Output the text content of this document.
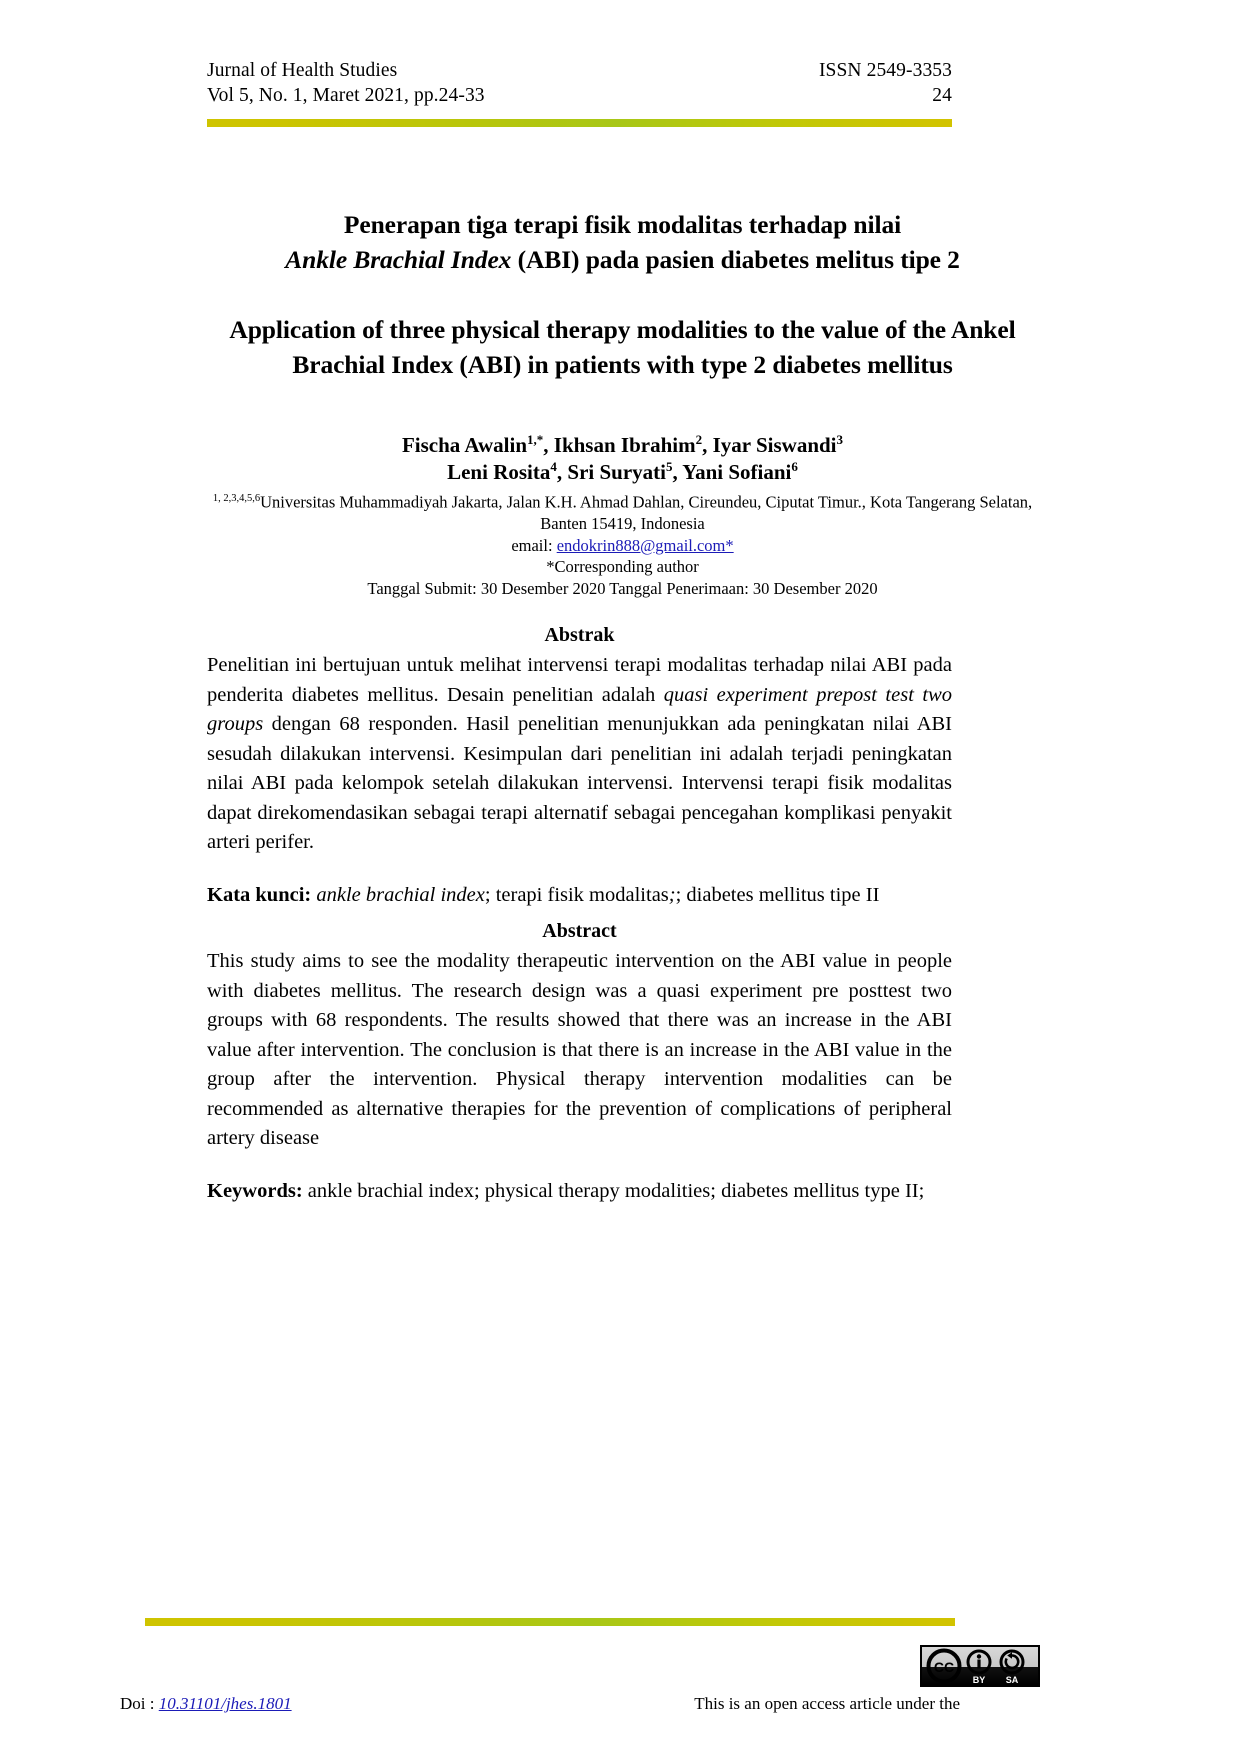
Jurnal of Health Studies	ISSN 2549-3353
Vol 5, No. 1, Maret 2021, pp.24-33	24
Penerapan tiga terapi fisik modalitas terhadap nilai
Ankle Brachial Index (ABI) pada pasien diabetes melitus tipe 2
Application of three physical therapy modalities to the value of the Ankel Brachial Index (ABI) in patients with type 2 diabetes mellitus
Fischa Awalin$^{1,*}$, Ikhsan Ibrahim$^2$, Iyar Siswandi$^3$
Leni Rosita$^4$, Sri Suryati$^5$, Yani Sofiani$^6$
$^{1, 2,3,4,5,6}$Universitas Muhammadiyah Jakarta, Jalan K.H. Ahmad Dahlan, Cireundeu, Ciputat Timur., Kota Tangerang Selatan, Banten 15419, Indonesia
email: endokrin888@gmail.com*
*Corresponding author
Tanggal Submit: 30 Desember 2020 Tanggal Penerimaan: 30 Desember 2020
Abstrak
Penelitian ini bertujuan untuk melihat intervensi terapi modalitas terhadap nilai ABI pada penderita diabetes mellitus. Desain penelitian adalah quasi experiment prepost test two groups dengan 68 responden. Hasil penelitian menunjukkan ada peningkatan nilai ABI sesudah dilakukan intervensi. Kesimpulan dari penelitian ini adalah terjadi peningkatan nilai ABI pada kelompok setelah dilakukan intervensi. Intervensi terapi fisik modalitas dapat direkomendasikan sebagai terapi alternatif sebagai pencegahan komplikasi penyakit arteri perifer.
Kata kunci: ankle brachial index; terapi fisik modalitas;; diabetes mellitus tipe II
Abstract
This study aims to see the modality therapeutic intervention on the ABI value in people with diabetes mellitus. The research design was a quasi experiment pre posttest two groups with 68 respondents. The results showed that there was an increase in the ABI value after intervention. The conclusion is that there is an increase in the ABI value in the group after the intervention. Physical therapy intervention modalities can be recommended as alternative therapies for the prevention of complications of peripheral artery disease
Keywords: ankle brachial index; physical therapy modalities; diabetes mellitus type II;
CC
BY SA
Doi : 10.31101/jhes.1801	This is an open access article under the
